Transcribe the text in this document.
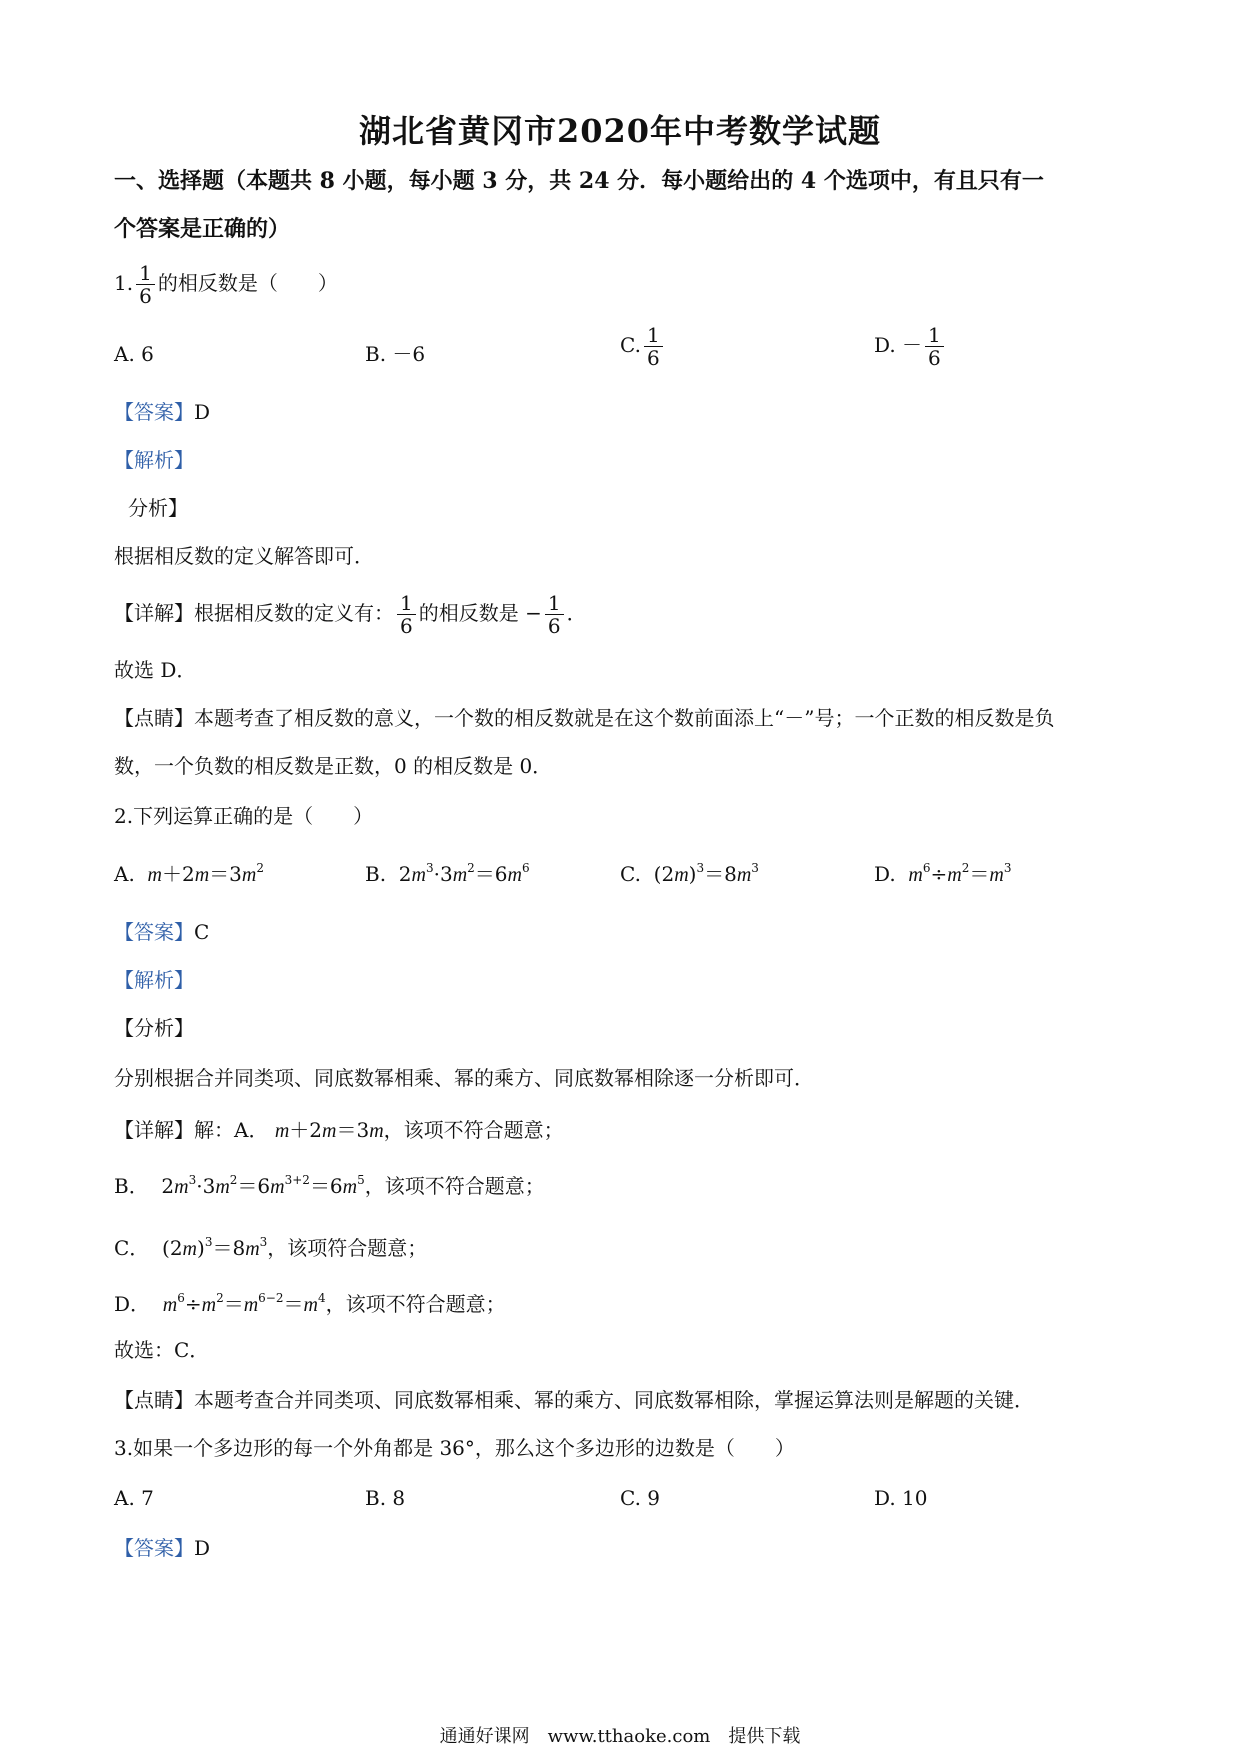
湖北省黄冈市2020年中考数学试题
一、选择题（本题共 8 小题，每小题 3 分，共 24 分．每小题给出的 4 个选项中，有且只有一
个答案是正确的）
1. $\frac{1}{6}$ 的相反数是（　　）
A. 6	B. －6	C. $\frac{1}{6}$	D. － $\frac{1}{6}$
【答案】D
【解析】
分析】
根据相反数的定义解答即可．
【详解】根据相反数的定义有： $\frac{1}{6}$ 的相反数是 − $\frac{1}{6}$ ．
故选 D．
【点睛】本题考查了相反数的意义，一个数的相反数就是在这个数前面添上“－”号；一个正数的相反数是负
数，一个负数的相反数是正数，0 的相反数是 0．
2.下列运算正确的是（　　）
A.  $m+2m=3m^2$	B.  $2m^3\cdot 3m^2=6m^6$	C.  $(2m)^3=8m^3$	D.  $m^6\div m^2=m^3$
【答案】C
【解析】
【分析】
分别根据合并同类项、同底数幂相乘、幂的乘方、同底数幂相除逐一分析即可．
【详解】解：A． m＋2m＝3m，该项不符合题意；
B．  $2m^3\cdot 3m^2=6m^{3+2}=6m^5$，该项不符合题意；
C．  $(2m)^3=8m^3$，该项符合题意；
D．  $m^6\div m^2=m^{6-2}=m^4$，该项不符合题意；
故选：C．
【点睛】本题考查合并同类项、同底数幂相乘、幂的乘方、同底数幂相除，掌握运算法则是解题的关键．
3.如果一个多边形的每一个外角都是 36°，那么这个多边形的边数是（　　）
A. 7	B. 8	C. 9	D. 10
【答案】D
通通好课网　www.tthaoke.com　提供下载
